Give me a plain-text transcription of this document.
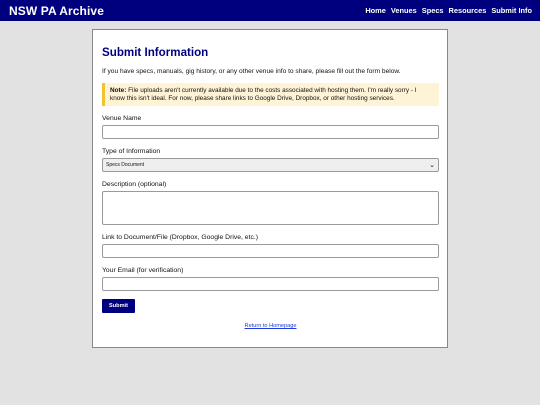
NSW PA Archive	Home Venues Specs Resources Submit Info
Submit Information

If you have specs, manuals, gig history, or any other venue info to share, please fill out the form below.

Note: File uploads aren't currently available due to the costs associated with hosting them. I'm really sorry - I know this isn't ideal. For now, please share links to Google Drive, Dropbox, or other hosting services.
Venue Name
Type of Information
Specs Document	⌄
Description (optional)
Link to Document/File (Dropbox, Google Drive, etc.)
Your Email (for verification)
Submit
Return to Homepage
